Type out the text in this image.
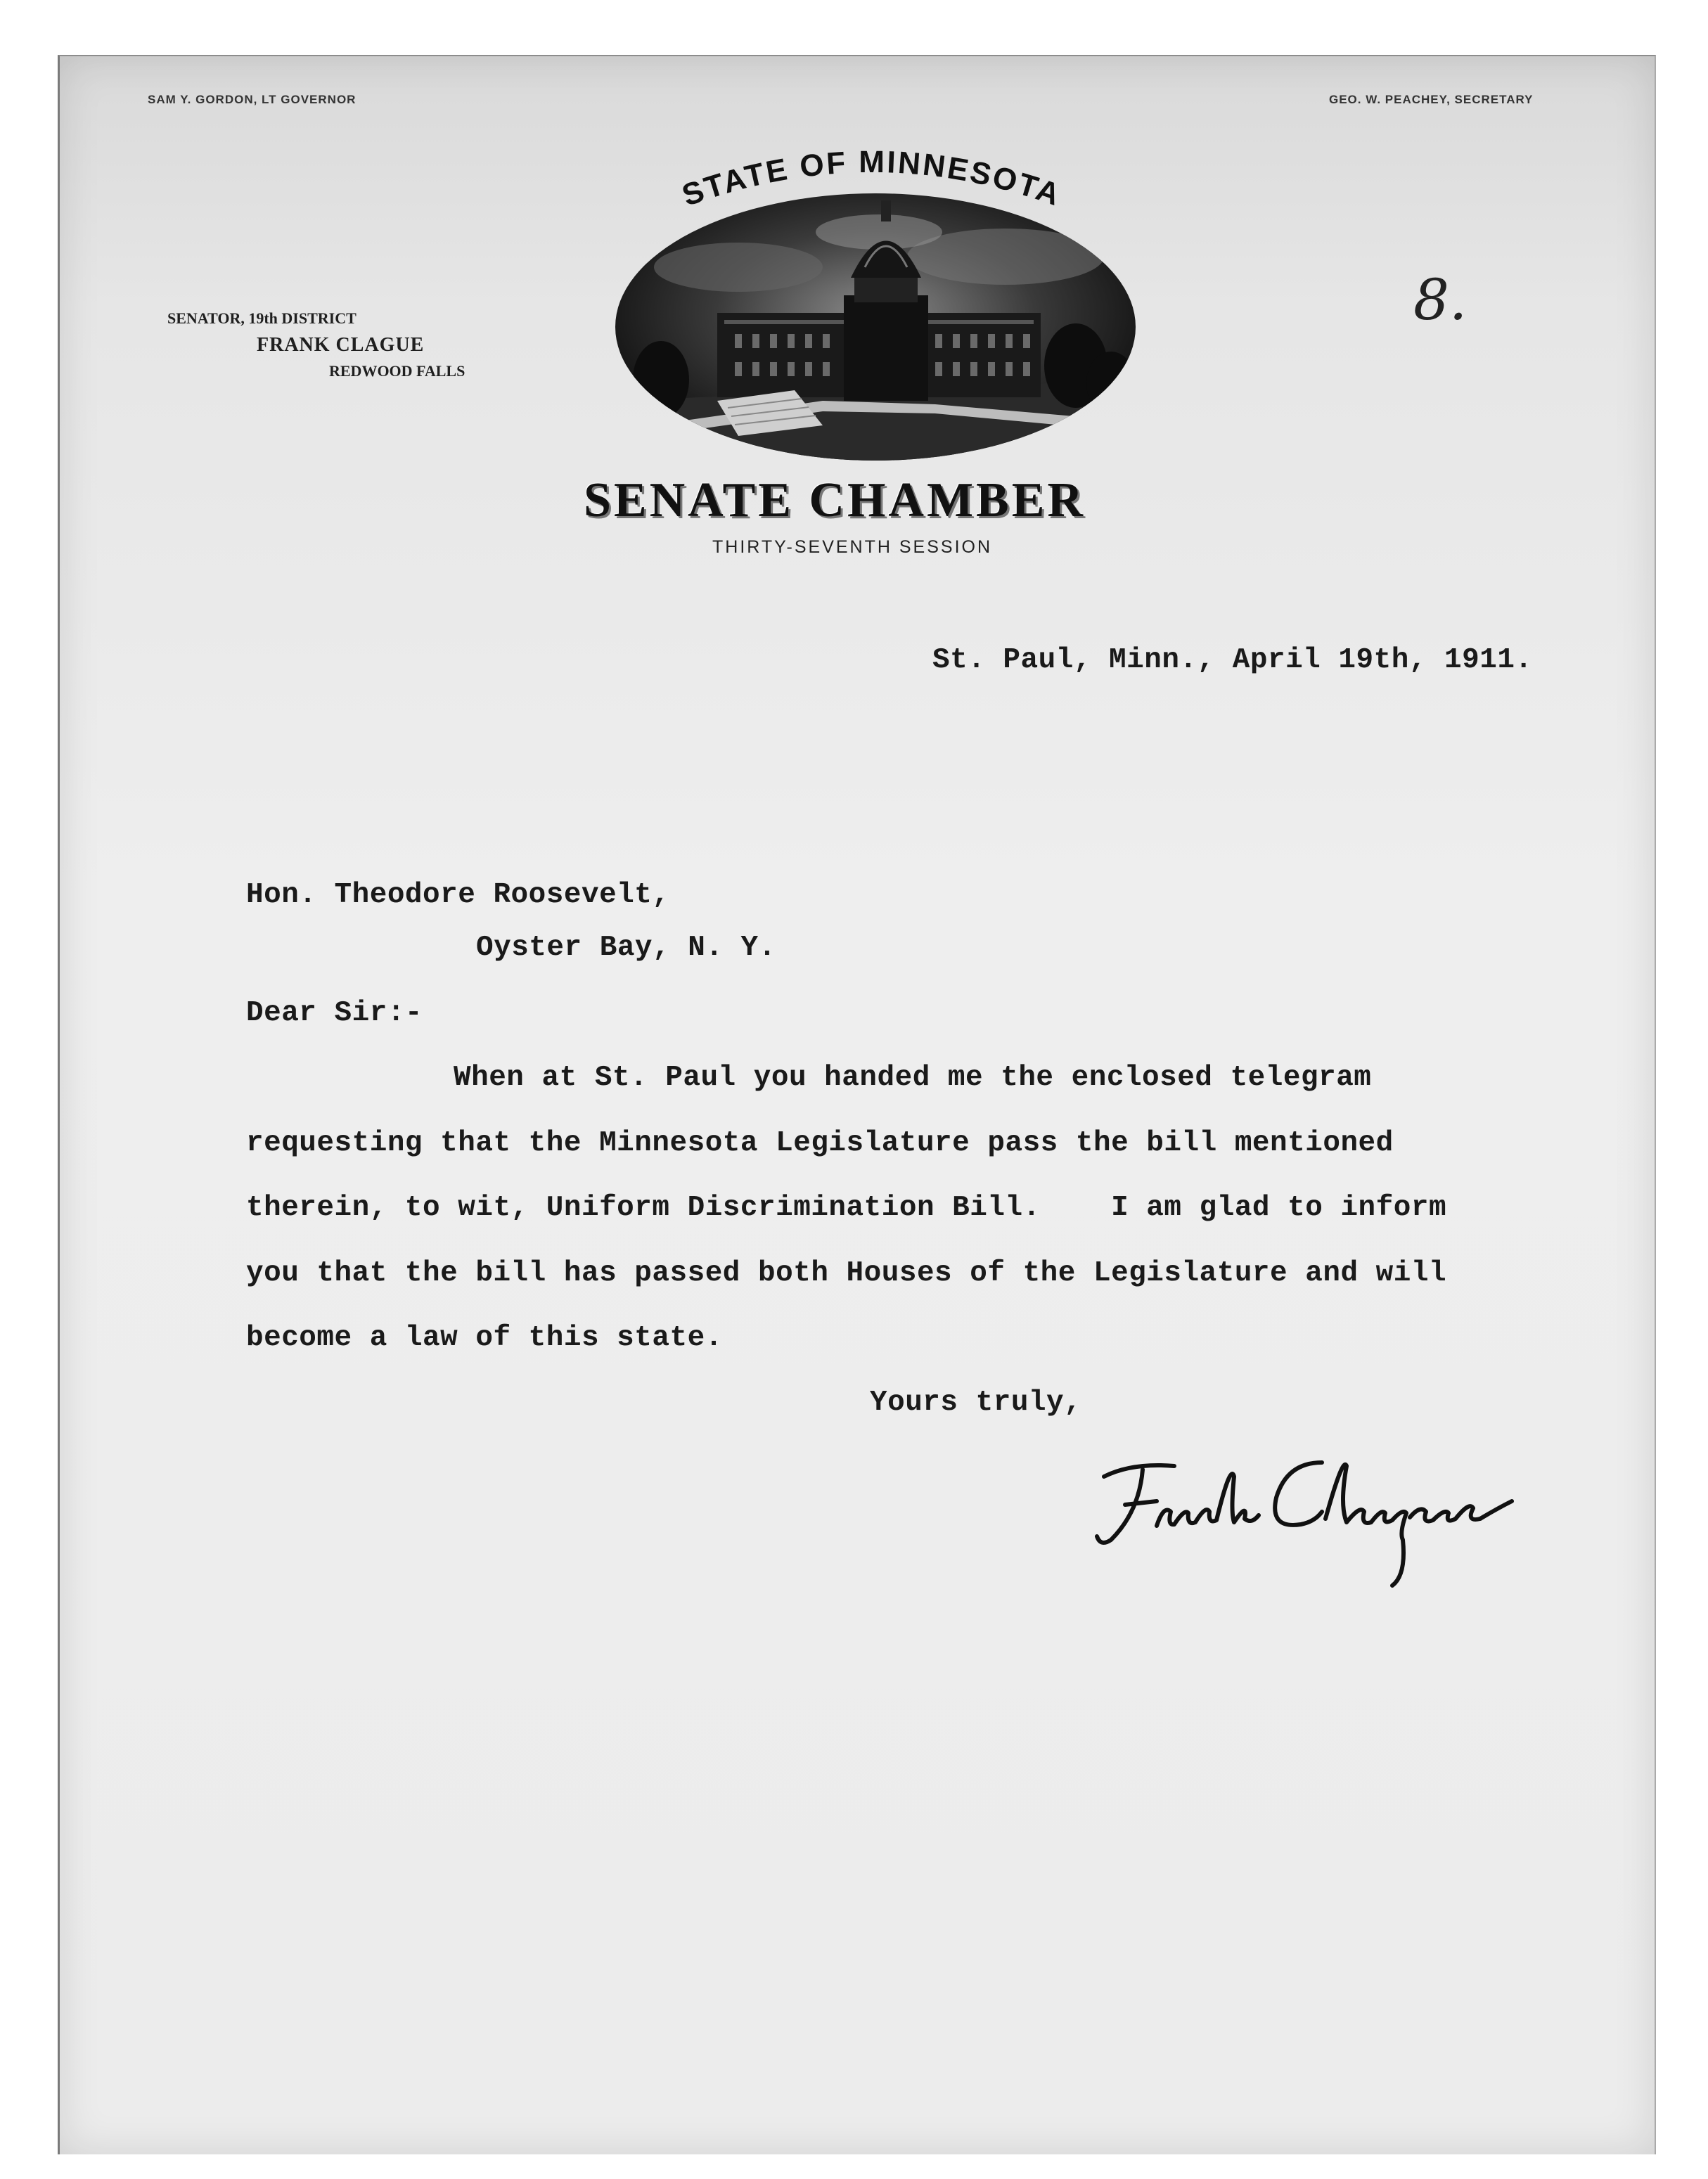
SAM Y. GORDON, LT GOVERNOR	GEO. W. PEACHEY, SECRETARY
STATE OF MINNESOTA
SENATOR, 19th DISTRICT
FRANK CLAGUE
REDWOOD FALLS
SENATE CHAMBER
THIRTY-SEVENTH SESSION
8.
St. Paul, Minn., April 19th, 1911.
Hon. Theodore Roosevelt,
Oyster Bay, N. Y.
Dear Sir:-
When at St. Paul you handed me the enclosed telegram
requesting that the Minnesota Legislature pass the bill mentioned
therein, to wit, Uniform Discrimination Bill.    I am glad to inform
you that the bill has passed both Houses of the Legislature and will
become a law of this state.
Yours truly,
